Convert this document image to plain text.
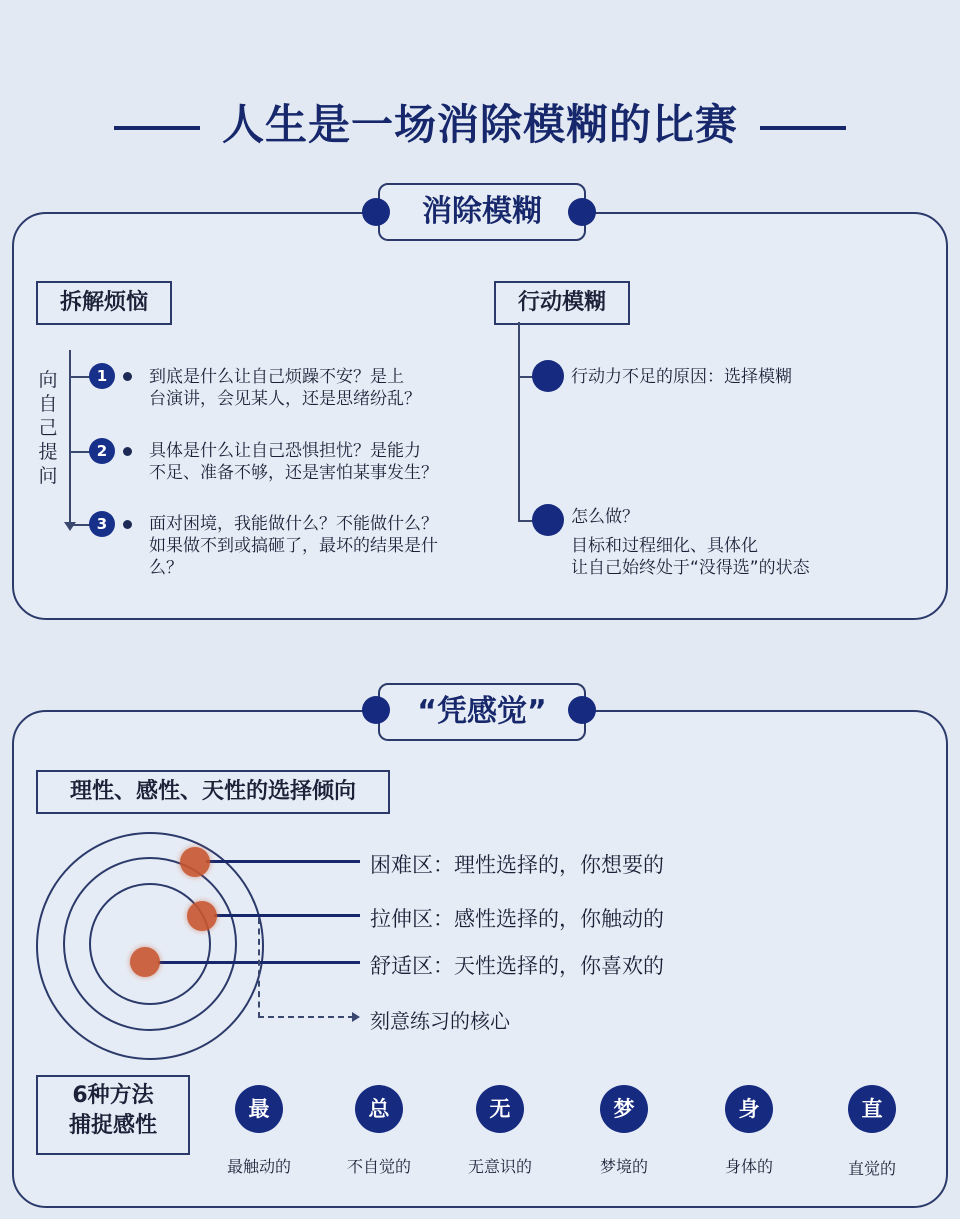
人生是一场消除模糊的比赛
消除模糊
拆解烦恼
向自己提问
1	到底是什么让自己烦躁不安？是上
台演讲，会见某人，还是思绪纷乱？
2	具体是什么让自己恐惧担忧？是能力
不足、准备不够，还是害怕某事发生？
3	面对困境，我能做什么？不能做什么？
如果做不到或搞砸了，最坏的结果是什
么？
行动模糊
行动力不足的原因：选择模糊
怎么做？
目标和过程细化、具体化
让自己始终处于“没得选”的状态
“凭感觉”
理性、感性、天性的选择倾向
困难区：理性选择的，你想要的
拉伸区：感性选择的，你触动的
舒适区：天性选择的，你喜欢的
刻意练习的核心
6种方法
捕捉感性
最
最触动的
总
不自觉的
无
无意识的
梦
梦境的
身
身体的
直
直觉的
